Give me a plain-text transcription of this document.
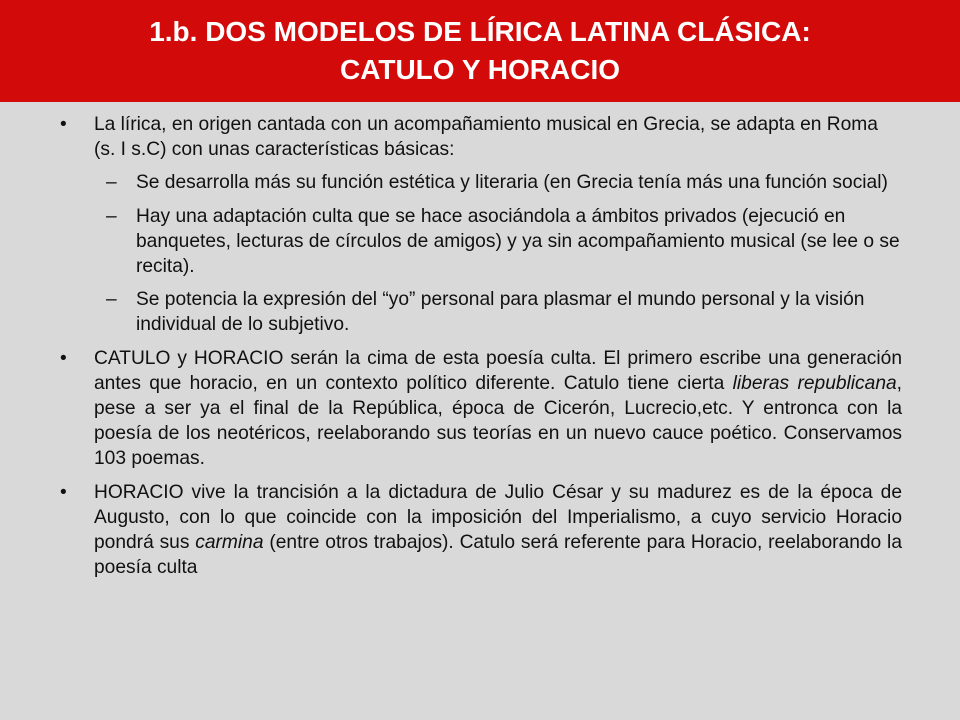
1.b. DOS MODELOS DE LÍRICA LATINA CLÁSICA:
CATULO Y HORACIO
• La lírica, en origen cantada con un acompañamiento musical en Grecia, se adapta en Roma (s. I s.C) con unas características básicas:
– Se desarrolla más su función estética y literaria (en Grecia tenía más una función social)
– Hay una adaptación culta que se hace asociándola a ámbitos privados (ejecució en banquetes, lecturas de círculos de amigos) y ya sin acompañamiento musical (se lee o se recita).
– Se potencia la expresión del “yo” personal para plasmar el mundo personal y la visión individual de lo subjetivo.
• CATULO y HORACIO serán la cima de esta poesía culta. El primero escribe una generación antes que horacio, en un contexto político diferente. Catulo tiene cierta liberas republicana, pese a ser ya el final de la República, época de Cicerón, Lucrecio,etc. Y entronca con la poesía de los neotéricos, reelaborando sus teorías en un nuevo cauce poético. Conservamos 103 poemas.
• HORACIO vive la trancisión a la dictadura de Julio César y su madurez es de la época de Augusto, con lo que coincide con la imposición del Imperialismo, a cuyo servicio Horacio pondrá sus carmina (entre otros trabajos). Catulo será referente para Horacio, reelaborando la poesía culta
